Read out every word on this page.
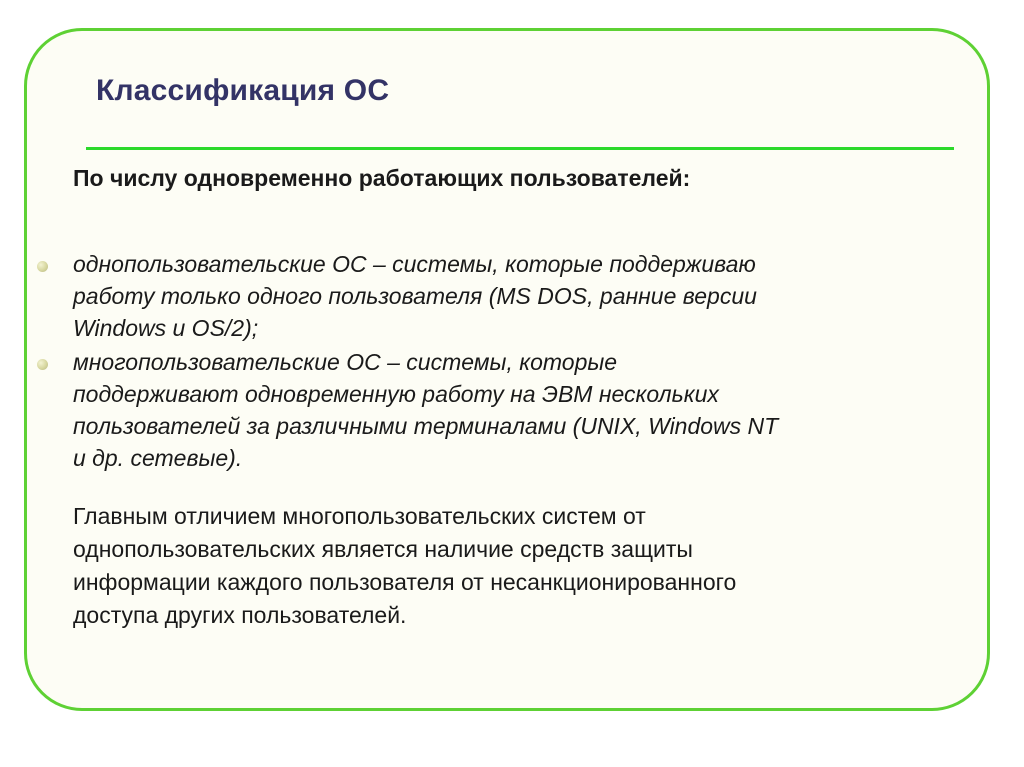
Классификация ОС

По числу одновременно работающих пользователей:

однопользовательские ОС – системы, которые поддерживаю
работу только одного пользователя (MS DOS, ранние версии
Windows и OS/2);
многопользовательские ОС – системы, которые
поддерживают одновременную работу на ЭВМ нескольких
пользователей за различными терминалами (UNIX, Windows NT
и др. сетевые).

Главным отличием многопользовательских систем от
однопользовательских является наличие средств защиты
информации каждого пользователя от несанкционированного
доступа других пользователей.
